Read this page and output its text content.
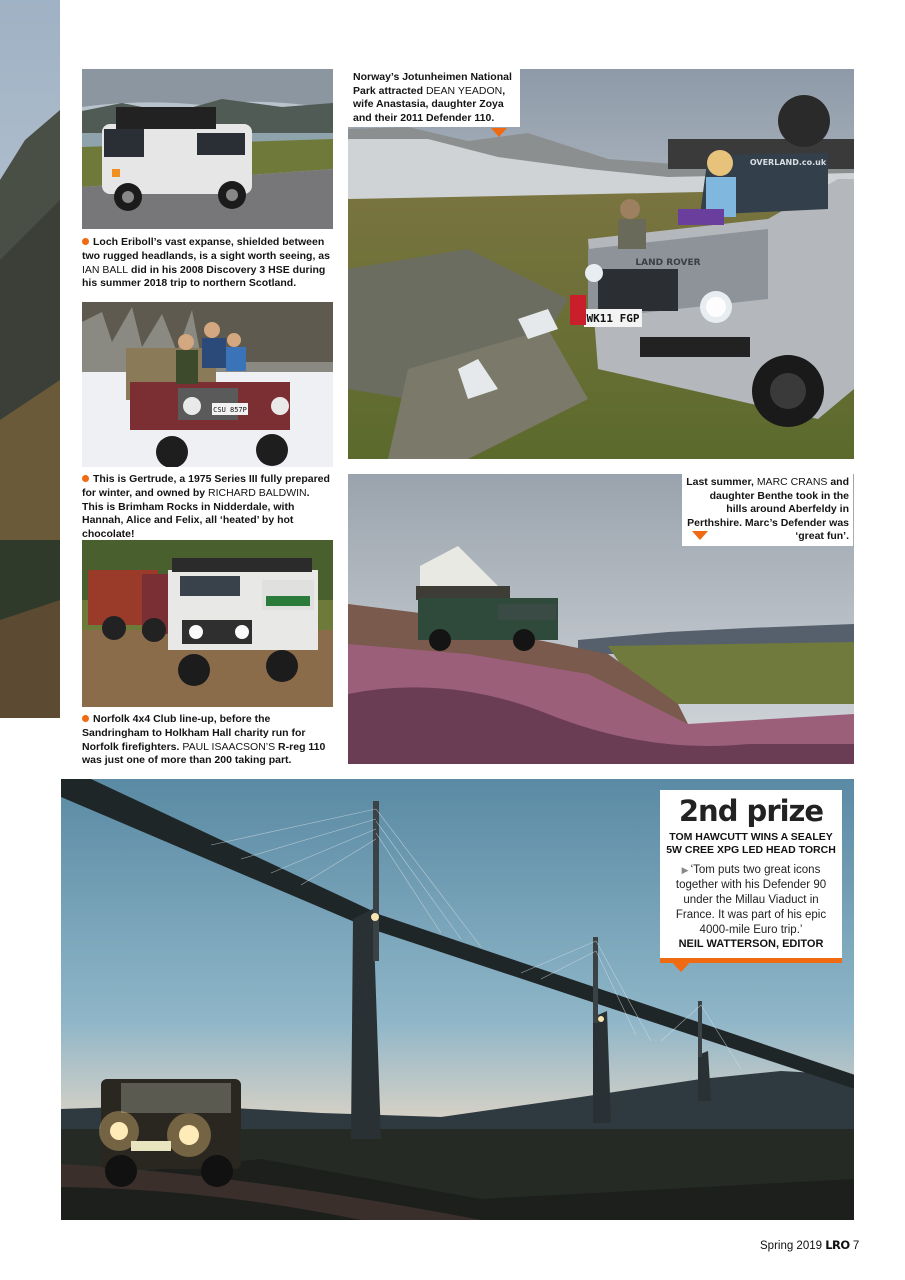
Loch Eriboll’s vast expanse, shielded between two rugged headlands, is a sight worth seeing, as IAN BALL did in his 2008 Discovery 3 HSE during his summer 2018 trip to northern Scotland.
CSU 857P
This is Gertrude, a 1975 Series III fully prepared for winter, and owned by RICHARD BALDWIN. This is Brimham Rocks in Nidderdale, with Hannah, Alice and Felix, all ‘heated’ by hot chocolate!
Norfolk 4x4 Club line-up, before the Sandringham to Holkham Hall charity run for Norfolk firefighters. PAUL ISAACSON’S R-reg 110 was just one of more than 200 taking part.
OVERLAND.co.uk
LAND ROVER
WK11 FGP
Norway’s Jotunheimen National Park attracted DEAN YEADON, wife Anastasia, daughter Zoya and their 2011 Defender 110.
Last summer, MARC CRANS and daughter Benthe took in the hills around Aberfeldy in Perthshire. Marc’s Defender was ‘great fun’.
2nd prize
TOM HAWCUTT WINS A SEALEY 5W CREE XPG LED HEAD TORCH
▶ ‘Tom puts two great icons together with his Defender 90 under the Millau Viaduct in France. It was part of his epic 4000-mile Euro trip.’
NEIL WATTERSON, EDITOR
Spring 2019 LRO 7
